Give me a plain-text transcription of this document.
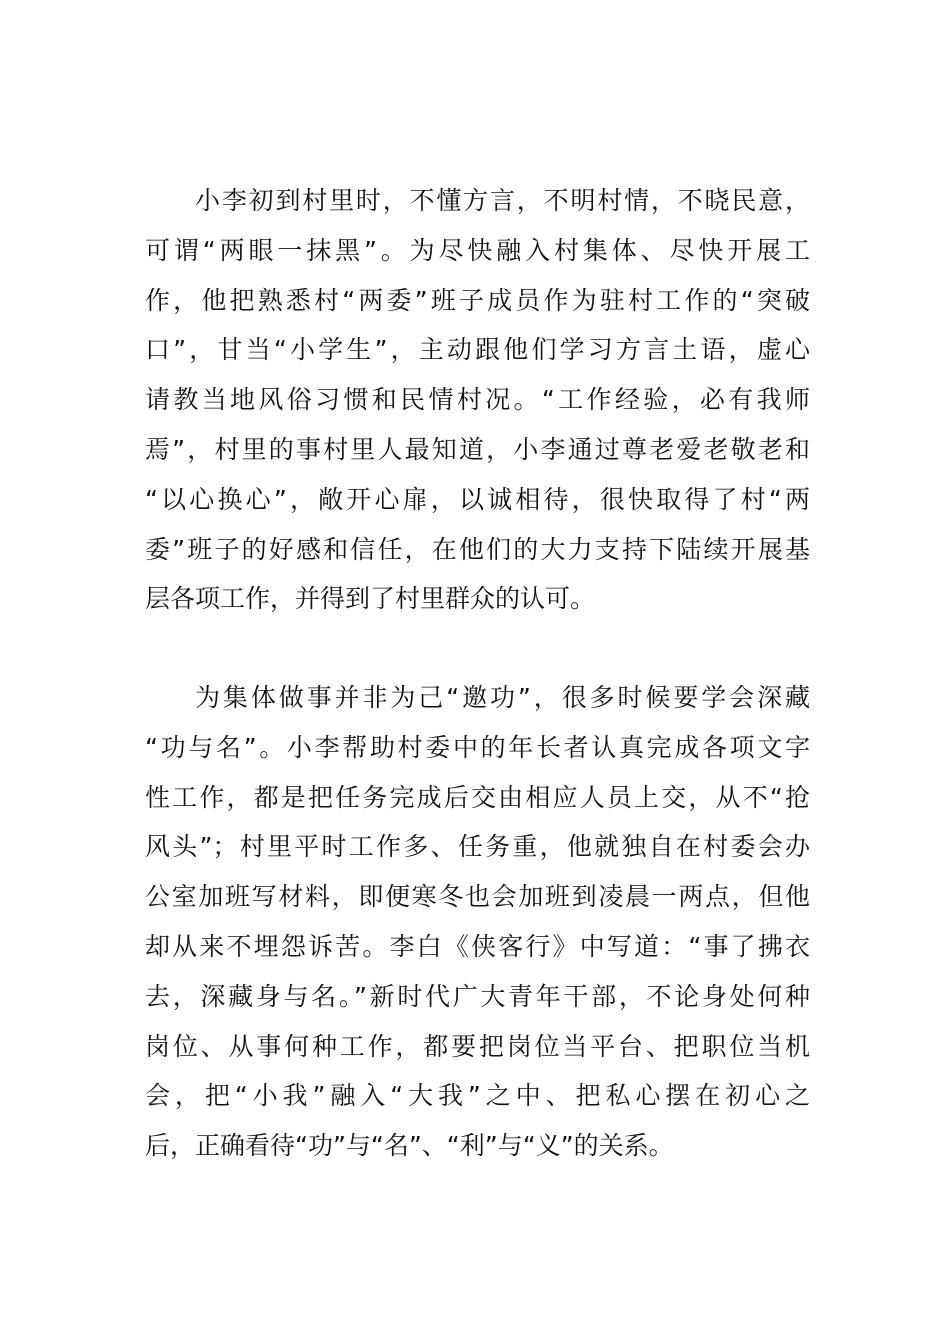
小李初到村里时，不懂方言，不明村情，不晓民意，
可谓“两眼一抹黑”。为尽快融入村集体、尽快开展工
作，他把熟悉村“两委”班子成员作为驻村工作的“突破
口”，甘当“小学生”，主动跟他们学习方言土语，虚心
请教当地风俗习惯和民情村况。“工作经验，必有我师
焉”，村里的事村里人最知道，小李通过尊老爱老敬老和
“以心换心”，敞开心扉，以诚相待，很快取得了村“两
委”班子的好感和信任，在他们的大力支持下陆续开展基
层各项工作，并得到了村里群众的认可。

为集体做事并非为己“邀功”，很多时候要学会深藏
“功与名”。小李帮助村委中的年长者认真完成各项文字
性工作，都是把任务完成后交由相应人员上交，从不“抢
风头”；村里平时工作多、任务重，他就独自在村委会办
公室加班写材料，即便寒冬也会加班到凌晨一两点，但他
却从来不埋怨诉苦。李白《侠客行》中写道：“事了拂衣
去，深藏身与名。”新时代广大青年干部，不论身处何种
岗位、从事何种工作，都要把岗位当平台、把职位当机
会，把“小我”融入“大我”之中、把私心摆在初心之
后，正确看待“功”与“名”、“利”与“义”的关系。
